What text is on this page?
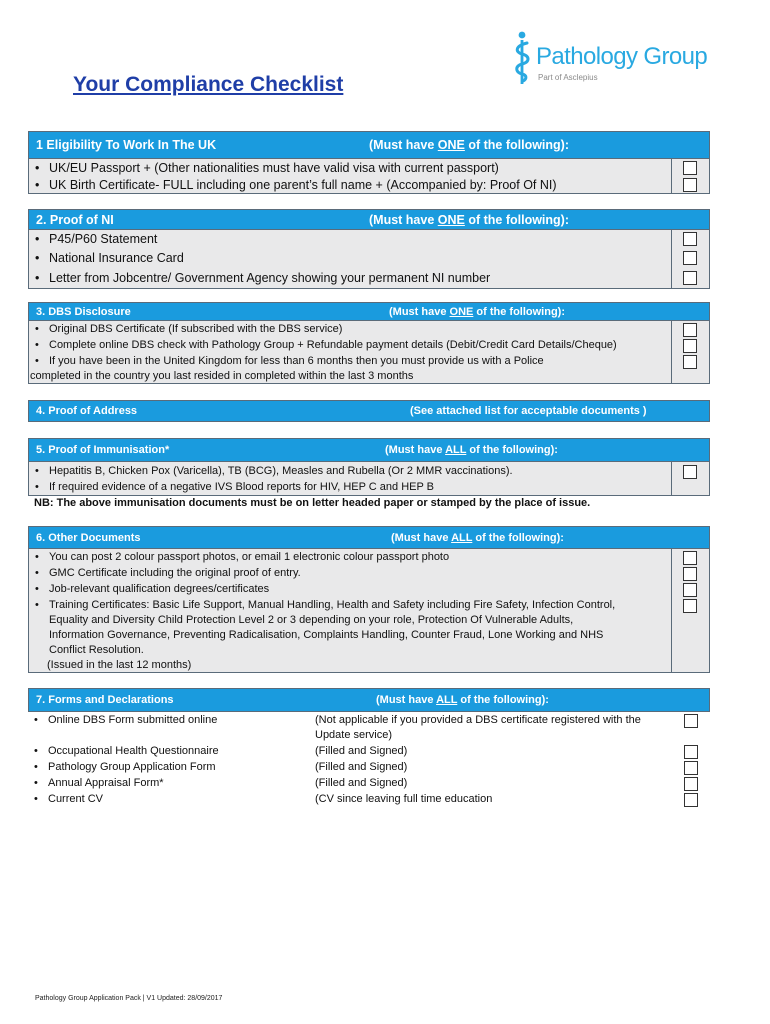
Pathology Group
Part of Asclepius
Your Compliance Checklist
1 Eligibility To Work In The UK	(Must have ONE of the following):
• UK/EU Passport + (Other nationalities must have valid visa with current passport)
• UK Birth Certificate- FULL including one parent’s full name + (Accompanied by: Proof Of NI)
2. Proof of NI	(Must have ONE of the following):
• P45/P60 Statement
• National Insurance Card
• Letter from Jobcentre/ Government Agency showing your permanent NI number
3. DBS Disclosure	(Must have ONE of the following):
• Original DBS Certificate (If subscribed with the DBS service)
• Complete online DBS check with Pathology Group + Refundable payment details (Debit/Credit Card Details/Cheque)
• If you have been in the United Kingdom for less than 6 months then you must provide us with a Police
completed in the country you last resided in completed within the last 3 months
4. Proof of Address	(See attached list for acceptable documents )
5. Proof of Immunisation*	(Must have ALL of the following):
• Hepatitis B, Chicken Pox (Varicella), TB (BCG), Measles and Rubella (Or 2 MMR vaccinations).
• If required evidence of a negative IVS Blood reports for HIV, HEP C and HEP B
NB: The above immunisation documents must be on letter headed paper or stamped by the place of issue.
6. Other Documents	(Must have ALL of the following):
• You can post 2 colour passport photos, or email 1 electronic colour passport photo
• GMC Certificate including the original proof of entry.
• Job-relevant qualification degrees/certificates
• Training Certificates: Basic Life Support, Manual Handling, Health and Safety including Fire Safety, Infection Control,
Equality and Diversity Child Protection Level 2 or 3 depending on your role, Protection Of Vulnerable Adults,
Information Governance, Preventing Radicalisation, Complaints Handling, Counter Fraud, Lone Working and NHS
Conflict Resolution.
(Issued in the last 12 months)
7. Forms and Declarations	(Must have ALL of the following):
• Online DBS Form submitted online	(Not applicable if you provided a DBS certificate registered with the
Update service)
• Occupational Health Questionnaire	(Filled and Signed)
• Pathology Group Application Form	(Filled and Signed)
• Annual Appraisal Form*	(Filled and Signed)
• Current CV	(CV since leaving full time education
Pathology Group Application Pack | V1 Updated: 28/09/2017
